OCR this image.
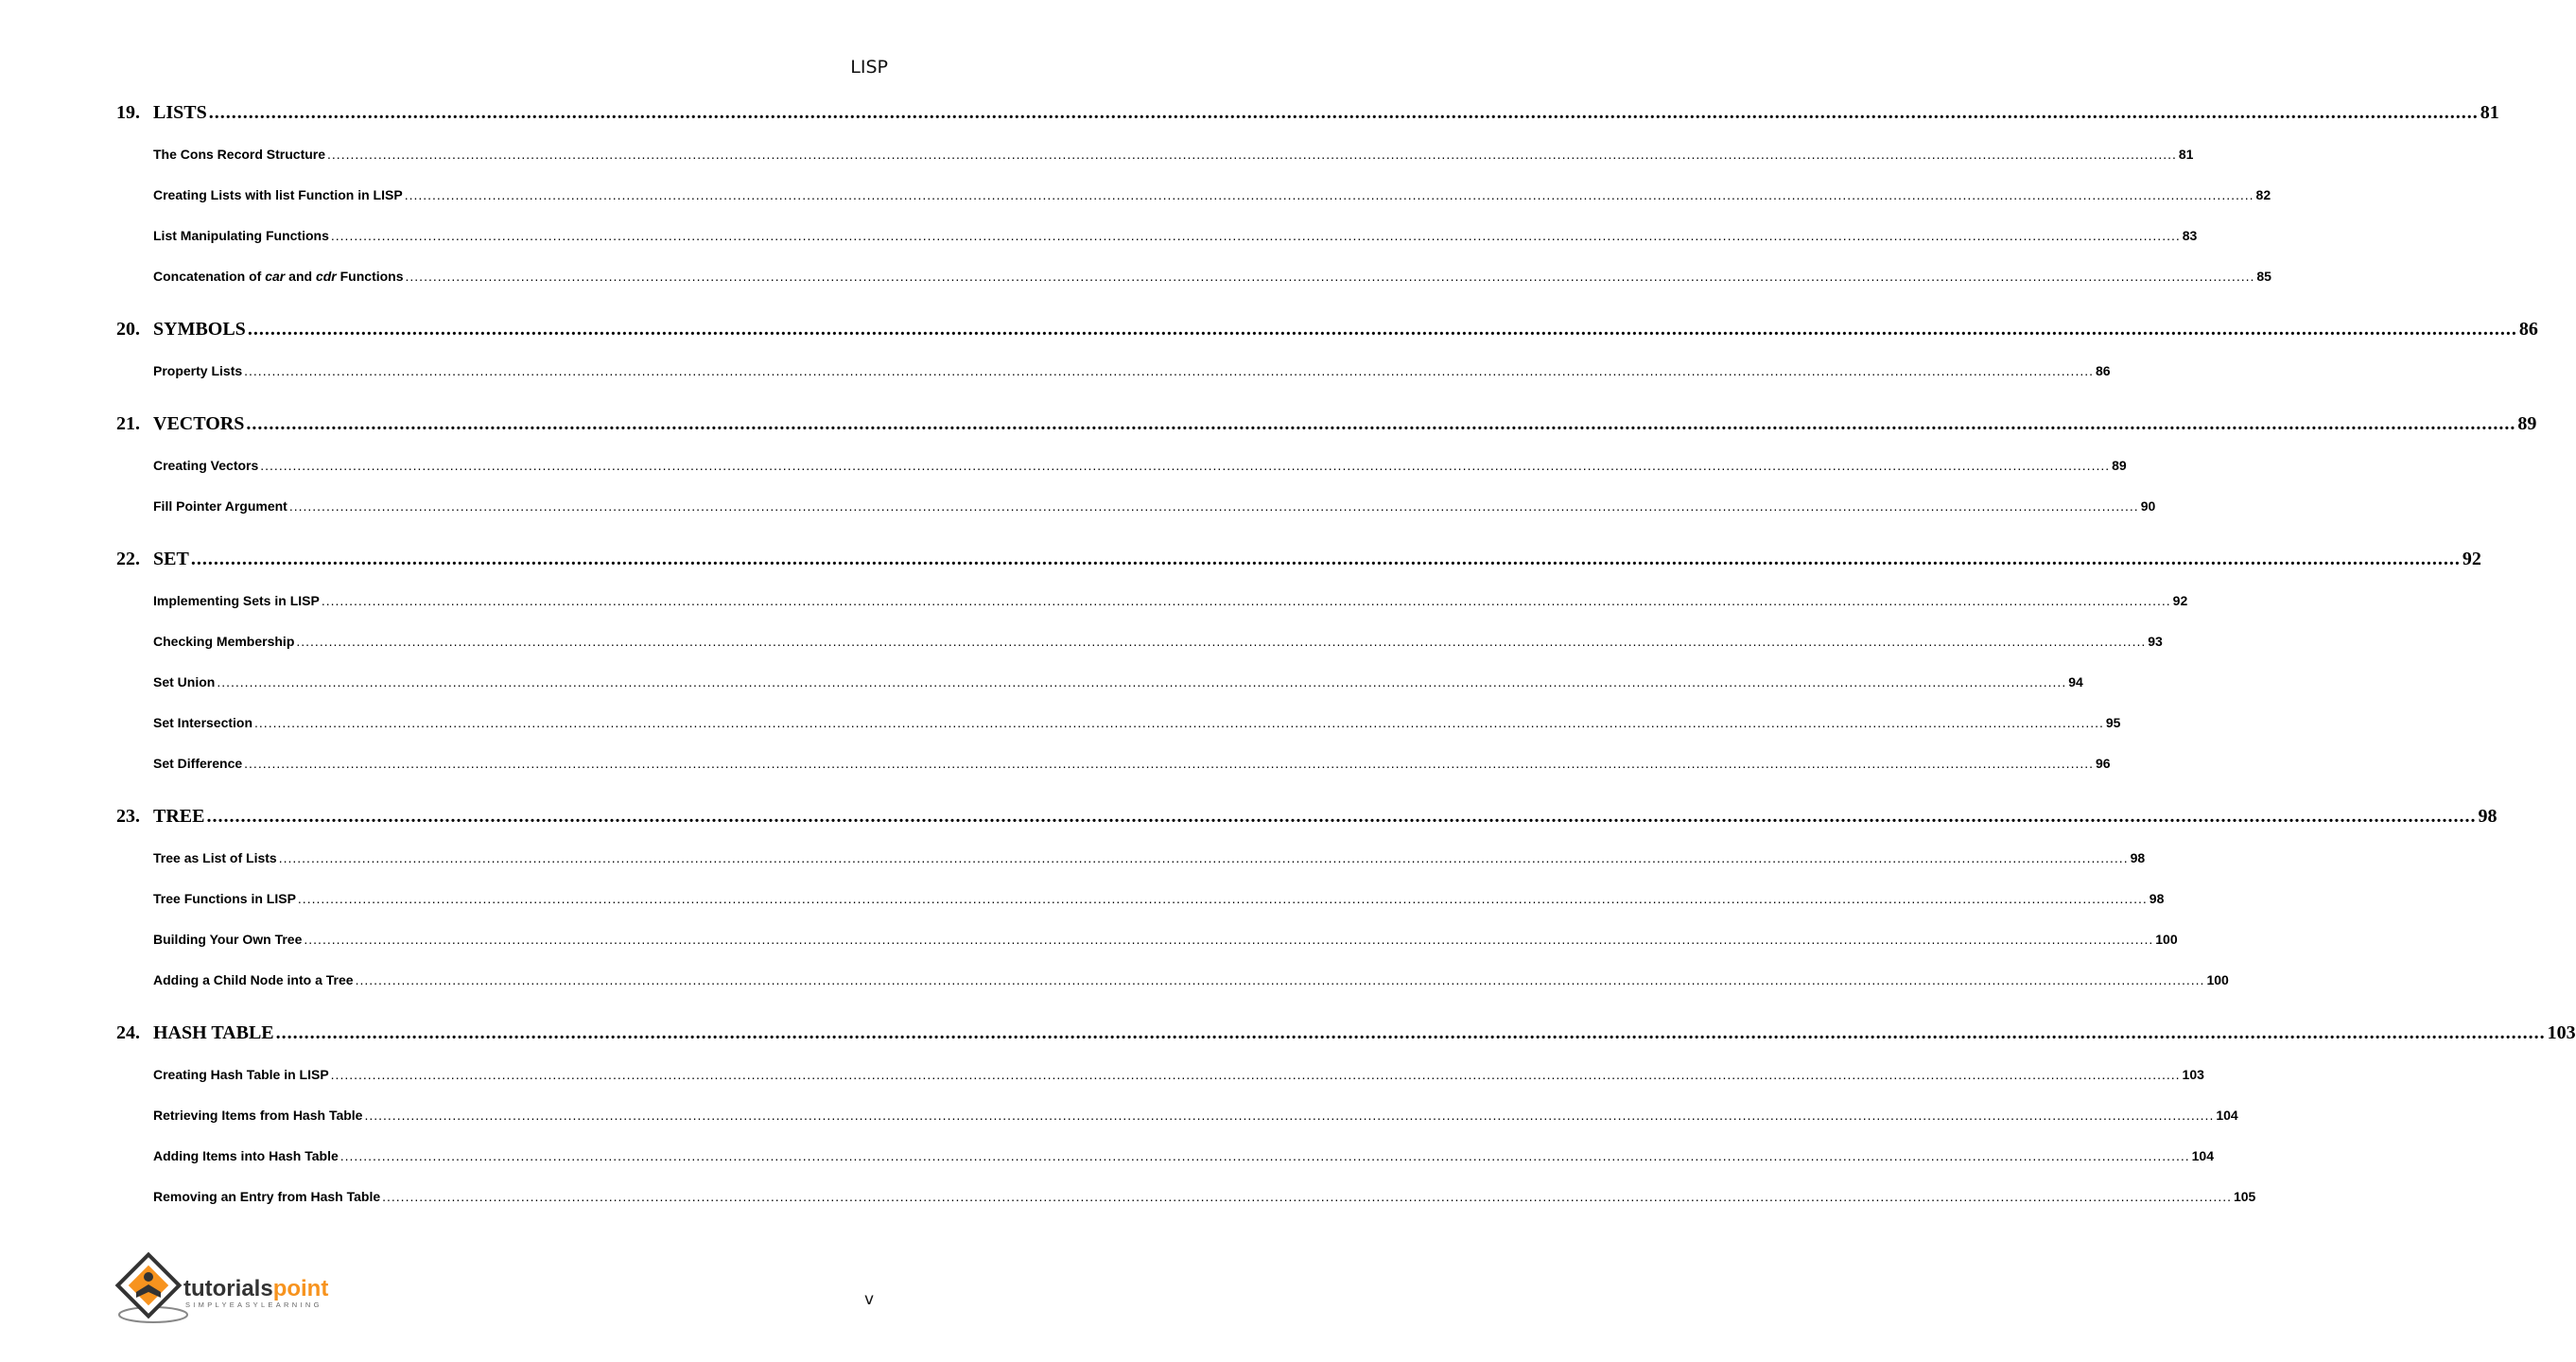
LISP
19. LISTS ................................................................................................................................................................................................................................................................................................................................................................................................................ 81
The Cons Record Structure ................................................................................................................................................................................................................................................................................................................................................................................................................ 81
Creating Lists with list Function in LISP ................................................................................................................................................................................................................................................................................................................................................................................................................ 82
List Manipulating Functions ................................................................................................................................................................................................................................................................................................................................................................................................................ 83
Concatenation of car and cdr Functions ................................................................................................................................................................................................................................................................................................................................................................................................................ 85
20. SYMBOLS ................................................................................................................................................................................................................................................................................................................................................................................................................ 86
Property Lists ................................................................................................................................................................................................................................................................................................................................................................................................................ 86
21. VECTORS ................................................................................................................................................................................................................................................................................................................................................................................................................ 89
Creating Vectors ................................................................................................................................................................................................................................................................................................................................................................................................................ 89
Fill Pointer Argument ................................................................................................................................................................................................................................................................................................................................................................................................................ 90
22. SET ................................................................................................................................................................................................................................................................................................................................................................................................................ 92
Implementing Sets in LISP ................................................................................................................................................................................................................................................................................................................................................................................................................ 92
Checking Membership ................................................................................................................................................................................................................................................................................................................................................................................................................ 93
Set Union ................................................................................................................................................................................................................................................................................................................................................................................................................ 94
Set Intersection ................................................................................................................................................................................................................................................................................................................................................................................................................ 95
Set Difference ................................................................................................................................................................................................................................................................................................................................................................................................................ 96
23. TREE ................................................................................................................................................................................................................................................................................................................................................................................................................ 98
Tree as List of Lists ................................................................................................................................................................................................................................................................................................................................................................................................................ 98
Tree Functions in LISP ................................................................................................................................................................................................................................................................................................................................................................................................................ 98
Building Your Own Tree ................................................................................................................................................................................................................................................................................................................................................................................................................ 100
Adding a Child Node into a Tree ................................................................................................................................................................................................................................................................................................................................................................................................................ 100
24. HASH TABLE ................................................................................................................................................................................................................................................................................................................................................................................................................ 103
Creating Hash Table in LISP ................................................................................................................................................................................................................................................................................................................................................................................................................ 103
Retrieving Items from Hash Table ................................................................................................................................................................................................................................................................................................................................................................................................................ 104
Adding Items into Hash Table ................................................................................................................................................................................................................................................................................................................................................................................................................ 104
Removing an Entry from Hash Table ................................................................................................................................................................................................................................................................................................................................................................................................................ 105
tutorialspoint
SIMPLYEASYLEARNING	v
